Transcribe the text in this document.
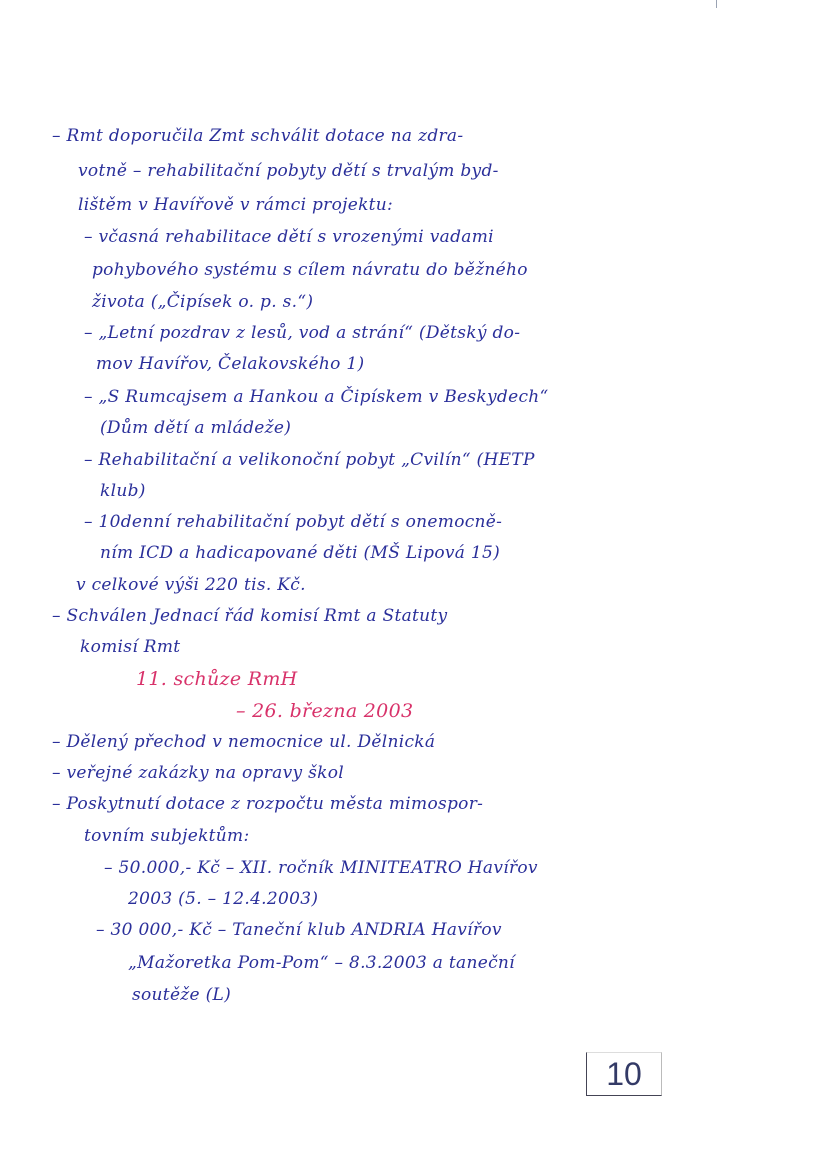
– Rmt doporučila Zmt schválit dotace na zdra-
votně – rehabilitační pobyty dětí s trvalým byd-
lištěm v Havířově v rámci projektu:
– včasná rehabilitace dětí s vrozenými vadami
pohybového systému s cílem návratu do běžného
života („Čipísek o. p. s.“)
– „Letní pozdrav z lesů, vod a strání“ (Dětský do-
mov Havířov, Čelakovského 1)
– „S Rumcajsem a Hankou a Čipískem v Beskydech“
(Dům dětí a mládeže)
– Rehabilitační a velikonoční pobyt „Cvilín“ (HEТP
klub)
– 10denní rehabilitační pobyt dětí s onemocně-
ním ICD a hadicapované děti (MŠ Lipová 15)
v celkové výši 220 tis. Kč.
– Schválen Jednací řád komisí Rmt a Statuty
komisí Rmt
11. schůze RmH
– 26. března 2003
– Dělený přechod v nemocnice ul. Dělnická
– veřejné zakázky na opravy škol
– Poskytnutí dotace z rozpočtu města mimospor-
tovním subjektům:
– 50.000,- Kč – XII. ročník MINITEATRO Havířov
2003 (5. – 12.4.2003)
– 30 000,- Kč – Taneční klub ANDRIA Havířov
„Mažoretka Pom-Pom“ – 8.3.2003 a taneční
soutěže (L)
10
